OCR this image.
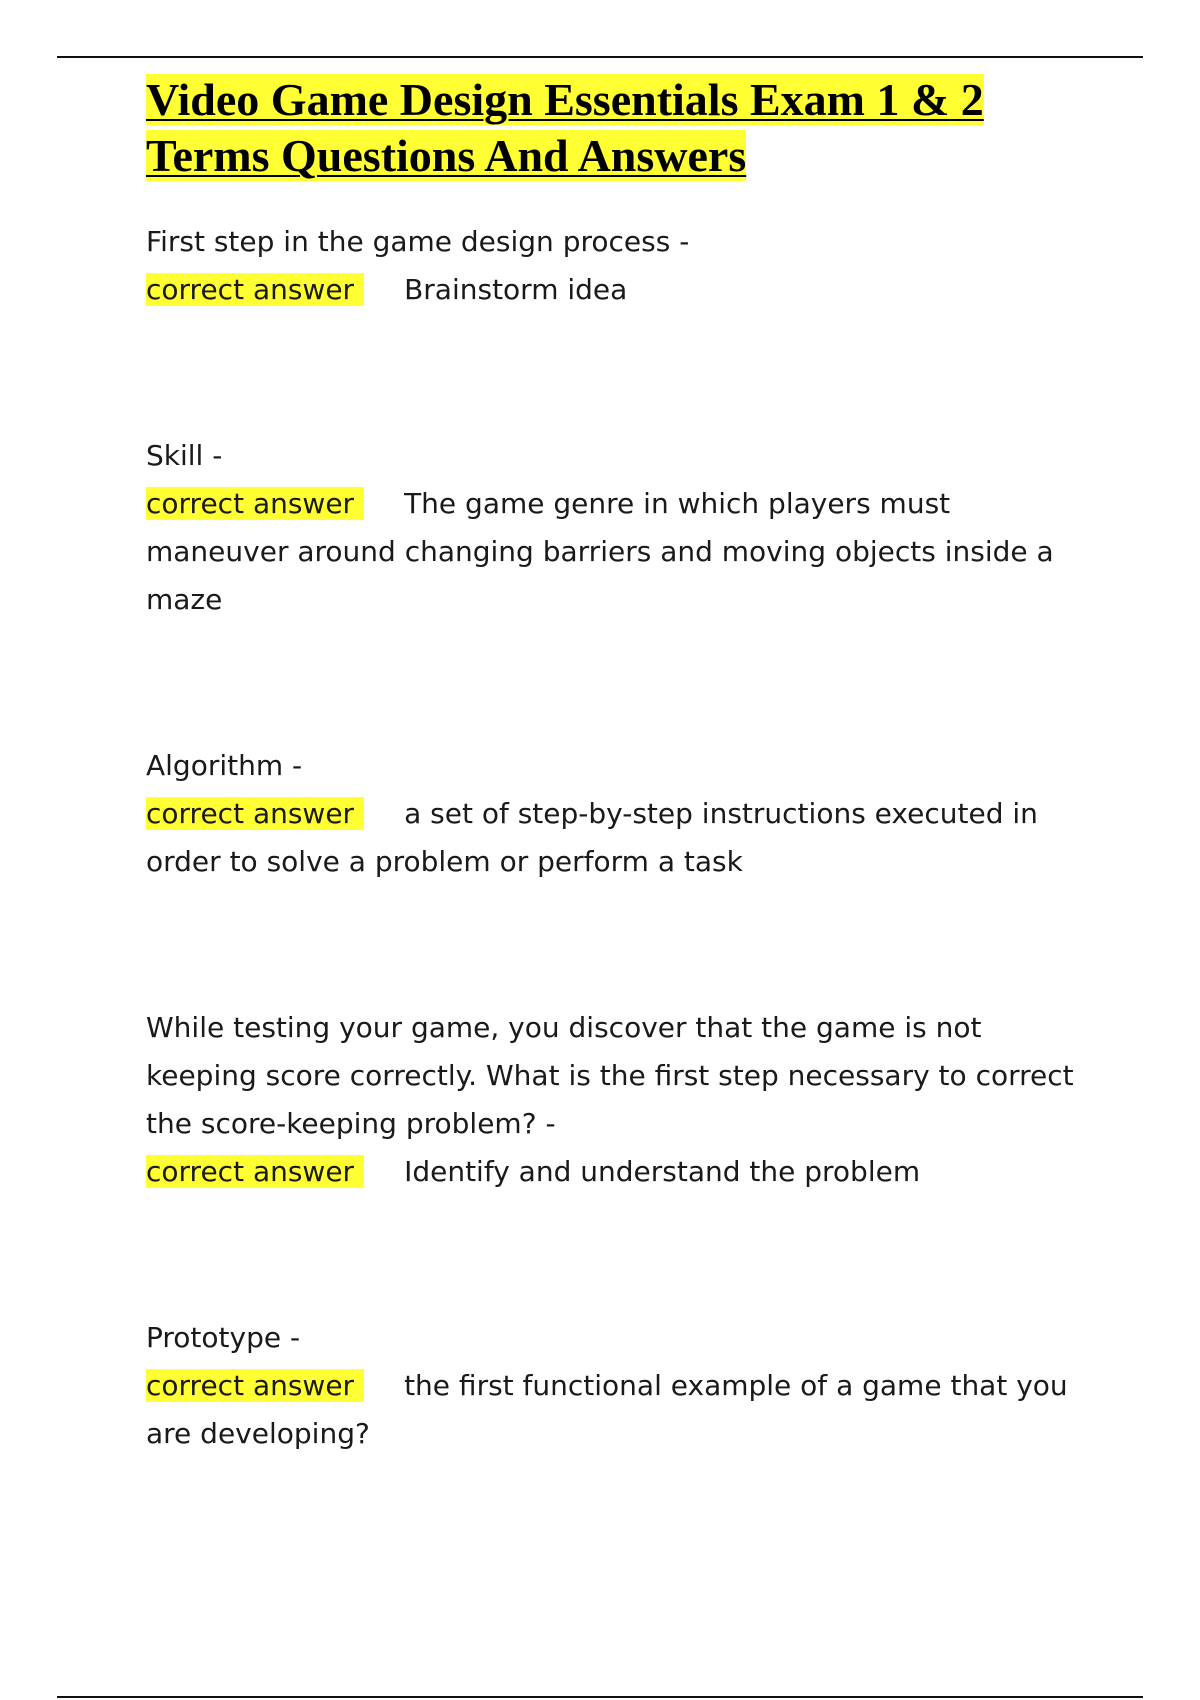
Video Game Design Essentials Exam 1 & 2
Terms Questions And Answers

First step in the game design process -

correct answer Brainstorm idea

Skill -

correct answer The game genre in which players must maneuver around changing barriers and moving objects inside a maze

Algorithm -

correct answer a set of step-by-step instructions executed in order to solve a problem or perform a task

While testing your game, you discover that the game is not keeping score correctly. What is the first step necessary to correct the score-keeping problem? -

correct answer Identify and understand the problem

Prototype -

correct answer the first functional example of a game that you are developing?
